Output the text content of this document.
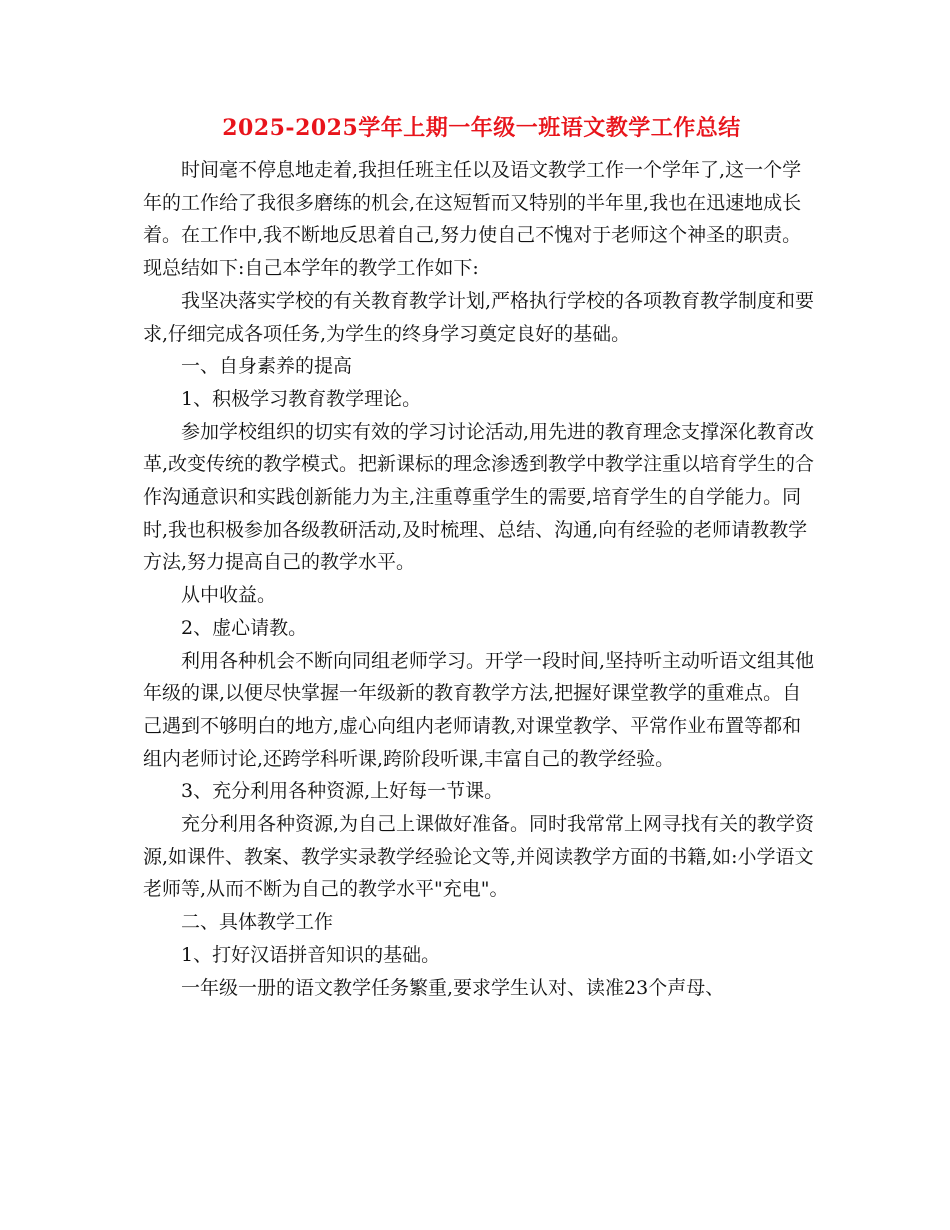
2025-2025学年上期一年级一班语文教学工作总结

时间毫不停息地走着,我担任班主任以及语文教学工作一个学年了,这一个学年的工作给了我很多磨练的机会,在这短暂而又特别的半年里,我也在迅速地成长着。在工作中,我不断地反思着自己,努力使自己不愧对于老师这个神圣的职责。现总结如下:自己本学年的教学工作如下:

我坚决落实学校的有关教育教学计划,严格执行学校的各项教育教学制度和要求,仔细完成各项任务,为学生的终身学习奠定良好的基础。

一、自身素养的提高

1、积极学习教育教学理论。

参加学校组织的切实有效的学习讨论活动,用先进的教育理念支撑深化教育改革,改变传统的教学模式。把新课标的理念渗透到教学中教学注重以培育学生的合作沟通意识和实践创新能力为主,注重尊重学生的需要,培育学生的自学能力。同时,我也积极参加各级教研活动,及时梳理、总结、沟通,向有经验的老师请教教学方法,努力提高自己的教学水平。

从中收益。

2、虚心请教。

利用各种机会不断向同组老师学习。开学一段时间,坚持听主动听语文组其他年级的课,以便尽快掌握一年级新的教育教学方法,把握好课堂教学的重难点。自己遇到不够明白的地方,虚心向组内老师请教,对课堂教学、平常作业布置等都和组内老师讨论,还跨学科听课,跨阶段听课,丰富自己的教学经验。

3、充分利用各种资源,上好每一节课。

充分利用各种资源,为自己上课做好准备。同时我常常上网寻找有关的教学资源,如课件、教案、教学实录教学经验论文等,并阅读教学方面的书籍,如:小学语文老师等,从而不断为自己的教学水平"充电"。

二、具体教学工作

1、打好汉语拼音知识的基础。

一年级一册的语文教学任务繁重,要求学生认对、读准23个声母、
